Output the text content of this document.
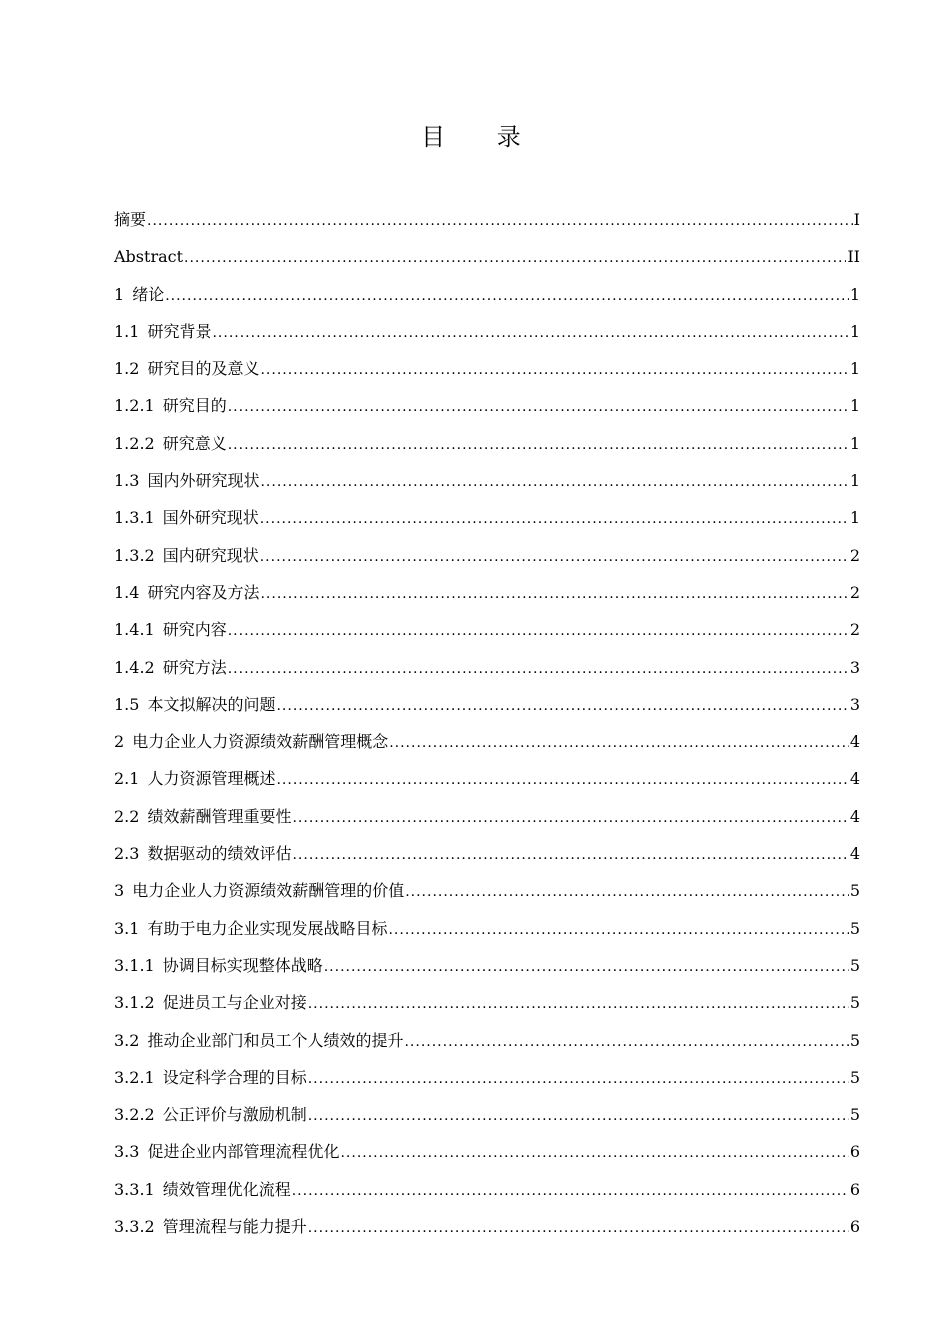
目 录
摘要 .....	I
Abstract .....	II
1 绪论 .....	1
1.1 研究背景 .....	1
1.2 研究目的及意义 .....	1
1.2.1 研究目的 .....	1
1.2.2 研究意义 .....	1
1.3 国内外研究现状 .....	1
1.3.1 国外研究现状 .....	1
1.3.2 国内研究现状 .....	2
1.4 研究内容及方法 .....	2
1.4.1 研究内容 .....	2
1.4.2 研究方法 .....	3
1.5 本文拟解决的问题 .....	3
2 电力企业人力资源绩效薪酬管理概念 .....	4
2.1 人力资源管理概述 .....	4
2.2 绩效薪酬管理重要性 .....	4
2.3 数据驱动的绩效评估 .....	4
3 电力企业人力资源绩效薪酬管理的价值 .....	5
3.1 有助于电力企业实现发展战略目标 .....	5
3.1.1 协调目标实现整体战略 .....	5
3.1.2 促进员工与企业对接 .....	5
3.2 推动企业部门和员工个人绩效的提升 .....	5
3.2.1 设定科学合理的目标 .....	5
3.2.2 公正评价与激励机制 .....	5
3.3 促进企业内部管理流程优化 .....	6
3.3.1 绩效管理优化流程 .....	6
3.3.2 管理流程与能力提升 .....	6
